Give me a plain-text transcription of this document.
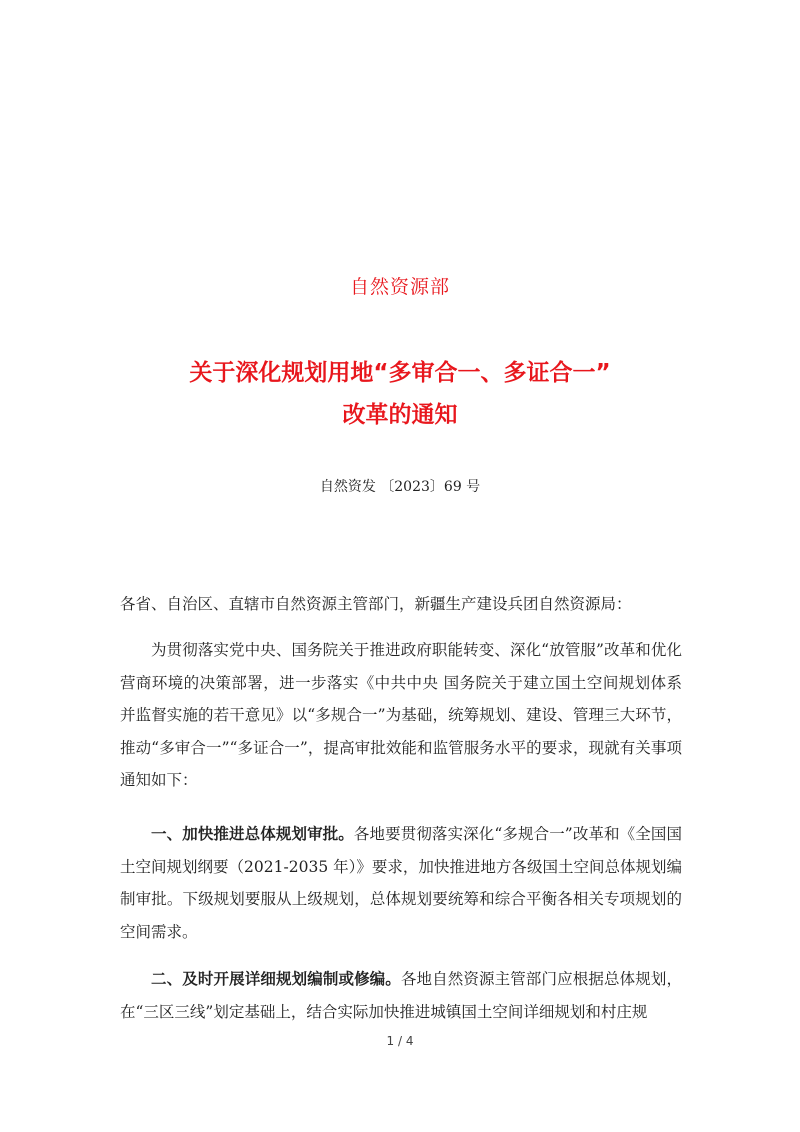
自然资源部
关于深化规划用地“多审合一、多证合一”
改革的通知
自然资发 〔2023〕69 号
各省、自治区、直辖市自然资源主管部门，新疆生产建设兵团自然资源局：
为贯彻落实党中央、国务院关于推进政府职能转变、深化“放管服”改革和优化营商环境的决策部署，进一步落实《中共中央 国务院关于建立国土空间规划体系并监督实施的若干意见》以“多规合一”为基础，统筹规划、建设、管理三大环节，推动“多审合一”“多证合一”，提高审批效能和监管服务水平的要求，现就有关事项通知如下：
一、加快推进总体规划审批。各地要贯彻落实深化“多规合一”改革和《全国国土空间规划纲要（2021-2035 年）》要求，加快推进地方各级国土空间总体规划编制审批。下级规划要服从上级规划，总体规划要统筹和综合平衡各相关专项规划的空间需求。
二、及时开展详细规划编制或修编。各地自然资源主管部门应根据总体规划，在“三区三线”划定基础上，结合实际加快推进城镇国土空间详细规划和村庄规
1 / 4
